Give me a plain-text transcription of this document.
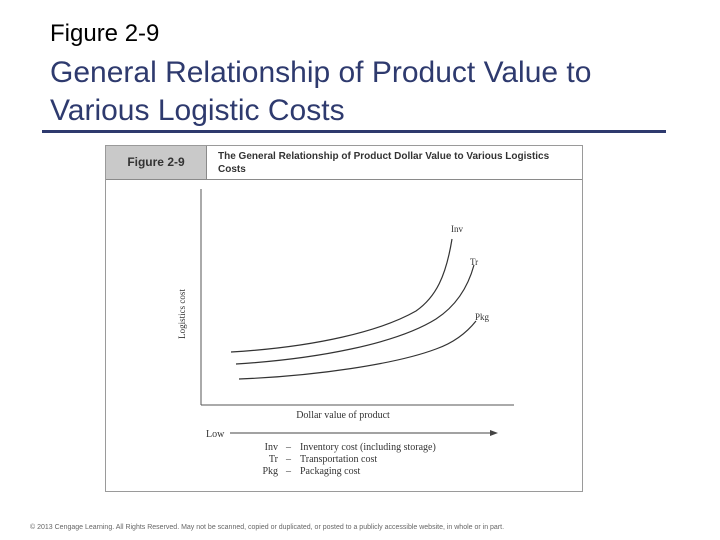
Figure 2-9
General Relationship of Product Value to Various Logistic Costs
Figure 2-9	The General Relationship of Product Dollar Value to Various Logistics Costs
Logistics cost
Inv
Tr
Pkg
Dollar value of product
Low
Inv – Inventory cost (including storage)
Tr – Transportation cost
Pkg – Packaging cost
© 2013 Cengage Learning. All Rights Reserved. May not be scanned, copied or duplicated, or posted to a publicly accessible website, in whole or in part.
